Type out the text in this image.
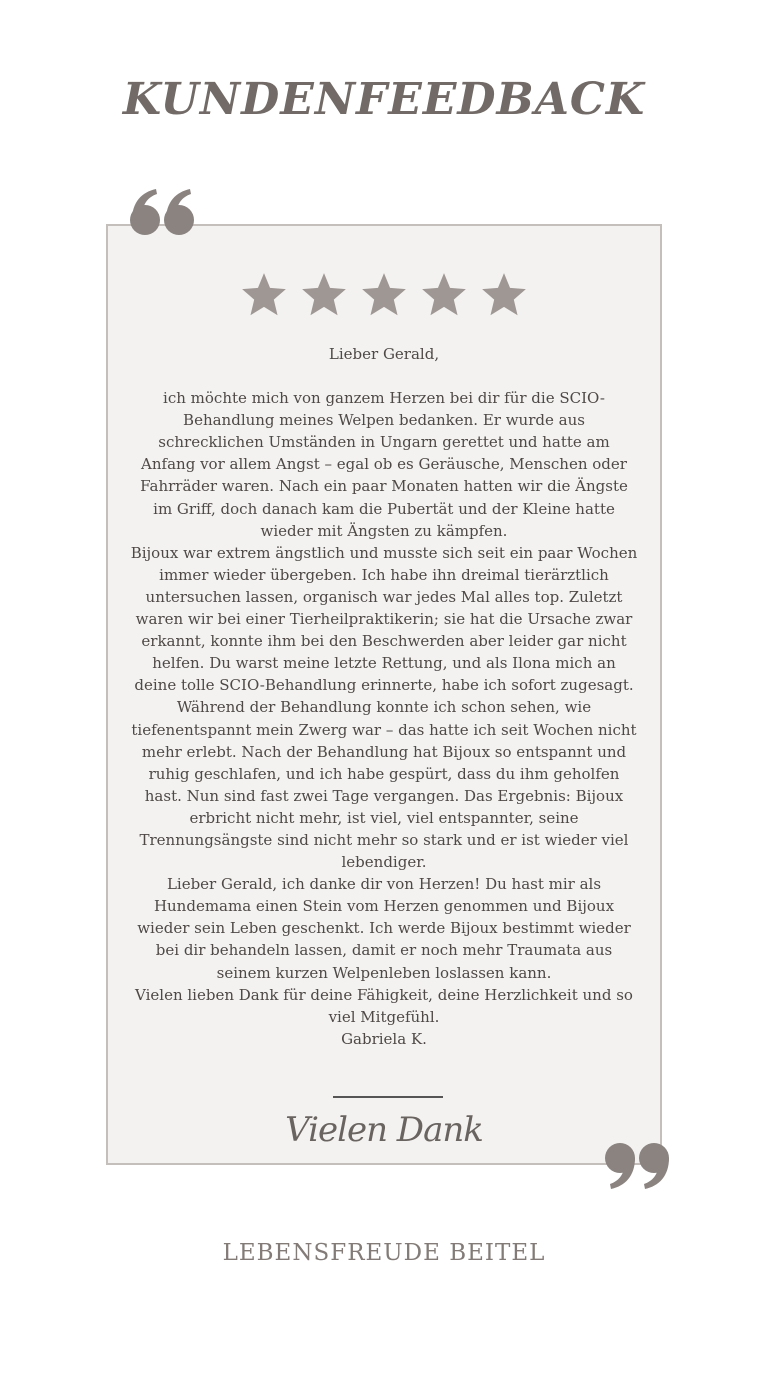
KUNDENFEEDBACK

Lieber Gerald,

ich möchte mich von ganzem Herzen bei dir für die SCIO-Behandlung meines Welpen bedanken. Er wurde aus schrecklichen Umständen in Ungarn gerettet und hatte am Anfang vor allem Angst – egal ob es Geräusche, Menschen oder Fahrräder waren. Nach ein paar Monaten hatten wir die Ängste im Griff, doch danach kam die Pubertät und der Kleine hatte wieder mit Ängsten zu kämpfen.

Bijoux war extrem ängstlich und musste sich seit ein paar Wochen immer wieder übergeben. Ich habe ihn dreimal tierärztlich untersuchen lassen, organisch war jedes Mal alles top. Zuletzt waren wir bei einer Tierheilpraktikerin; sie hat die Ursache zwar erkannt, konnte ihm bei den Beschwerden aber leider gar nicht helfen. Du warst meine letzte Rettung, und als Ilona mich an deine tolle SCIO-Behandlung erinnerte, habe ich sofort zugesagt.

Während der Behandlung konnte ich schon sehen, wie tiefenentspannt mein Zwerg war – das hatte ich seit Wochen nicht mehr erlebt. Nach der Behandlung hat Bijoux so entspannt und ruhig geschlafen, und ich habe gespürt, dass du ihm geholfen hast. Nun sind fast zwei Tage vergangen. Das Ergebnis: Bijoux erbricht nicht mehr, ist viel, viel entspannter, seine Trennungsängste sind nicht mehr so stark und er ist wieder viel lebendiger.

Lieber Gerald, ich danke dir von Herzen! Du hast mir als Hundemama einen Stein vom Herzen genommen und Bijoux wieder sein Leben geschenkt. Ich werde Bijoux bestimmt wieder bei dir behandeln lassen, damit er noch mehr Traumata aus seinem kurzen Welpenleben loslassen kann.

Vielen lieben Dank für deine Fähigkeit, deine Herzlichkeit und so viel Mitgefühl.

Gabriela K.

Vielen Dank
LEBENSFREUDE BEITEL
